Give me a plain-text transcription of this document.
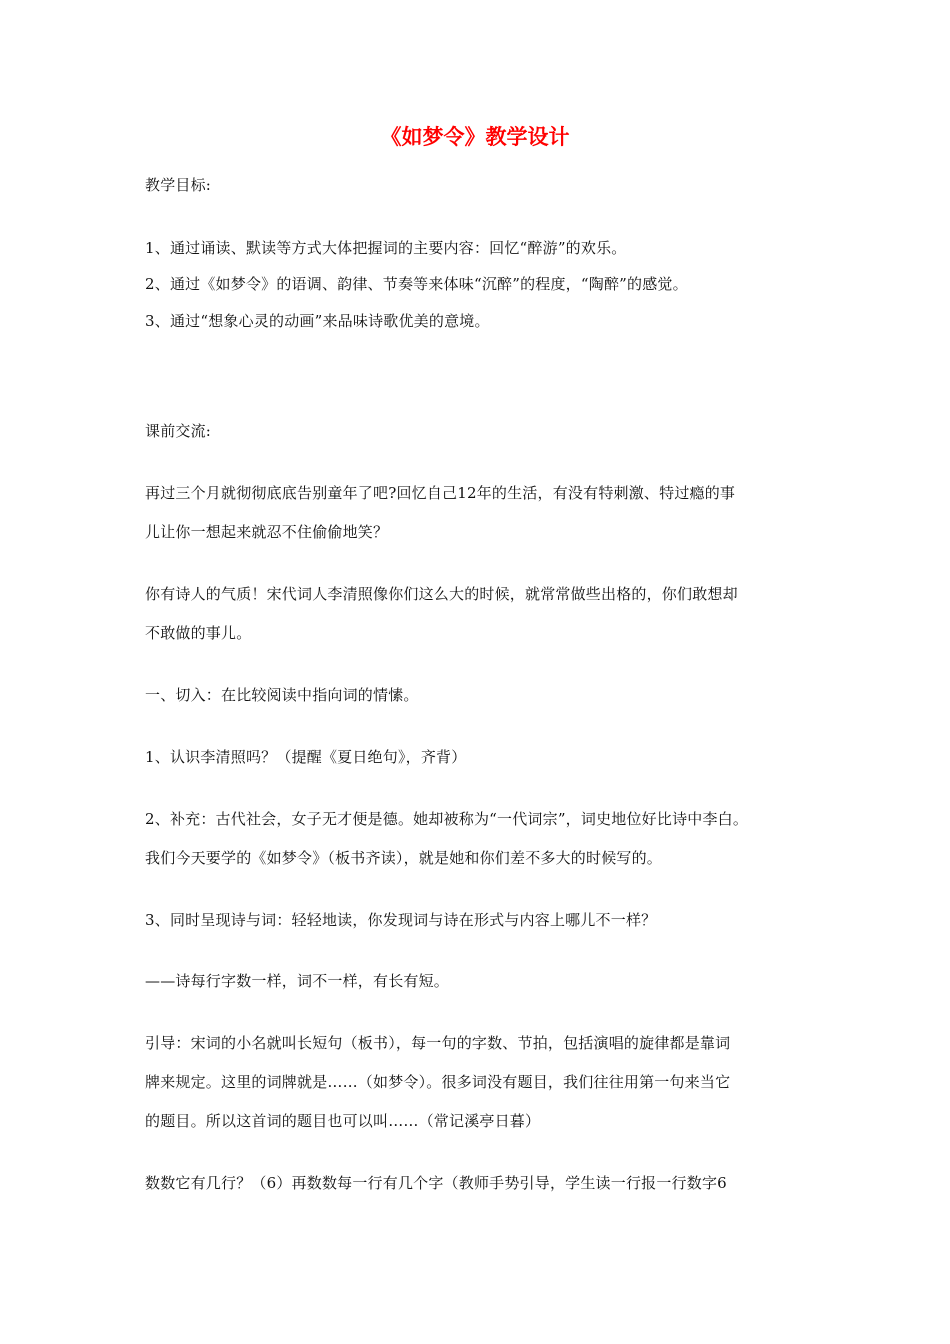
《如梦令》教学设计
教学目标:
1、通过诵读、默读等方式大体把握词的主要内容：回忆“醉游”的欢乐。
2、通过《如梦令》的语调、韵律、节奏等来体味“沉醉”的程度，“陶醉”的感觉。
3、通过“想象心灵的动画”来品味诗歌优美的意境。
课前交流:
再过三个月就彻彻底底告别童年了吧?回忆自己12年的生活，有没有特刺激、特过瘾的事
儿让你一想起来就忍不住偷偷地笑？
你有诗人的气质！宋代词人李清照像你们这么大的时候，就常常做些出格的，你们敢想却
不敢做的事儿。
一、切入：在比较阅读中指向词的情愫。
1、认识李清照吗？（提醒《夏日绝句》，齐背）
2、补充：古代社会，女子无才便是德。她却被称为“一代词宗”，词史地位好比诗中李白。
我们今天要学的《如梦令》（板书齐读），就是她和你们差不多大的时候写的。
3、同时呈现诗与词：轻轻地读，你发现词与诗在形式与内容上哪儿不一样？
——诗每行字数一样，词不一样，有长有短。
引导：宋词的小名就叫长短句（板书），每一句的字数、节拍，包括演唱的旋律都是靠词
牌来规定。这里的词牌就是……（如梦令）。很多词没有题目，我们往往用第一句来当它
的题目。所以这首词的题目也可以叫……（常记溪亭日暮）
数数它有几行？（6）再数数每一行有几个字（教师手势引导，学生读一行报一行数字6
